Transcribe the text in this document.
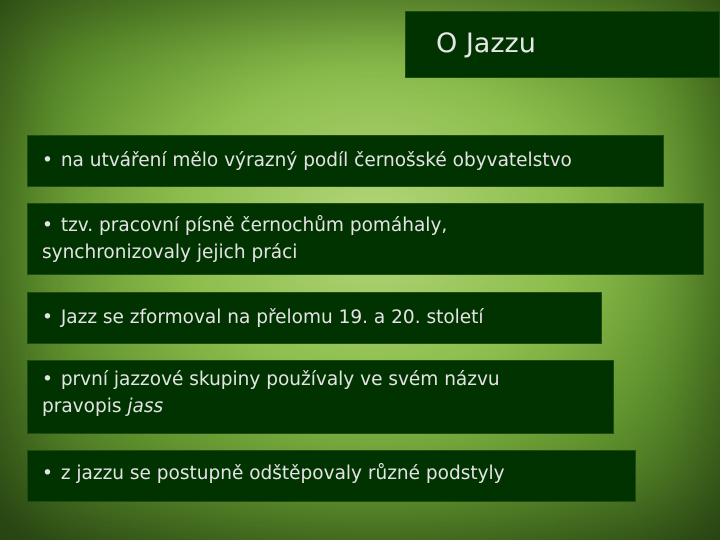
O Jazzu
• na utváření mělo výrazný podíl černošské obyvatelstvo
• tzv. pracovní písně černochům pomáhaly,
synchronizovaly jejich práci
• Jazz se zformoval na přelomu 19. a 20. století
• první jazzové skupiny používaly ve svém názvu
pravopis jass
• z jazzu se postupně odštěpovaly různé podstyly
